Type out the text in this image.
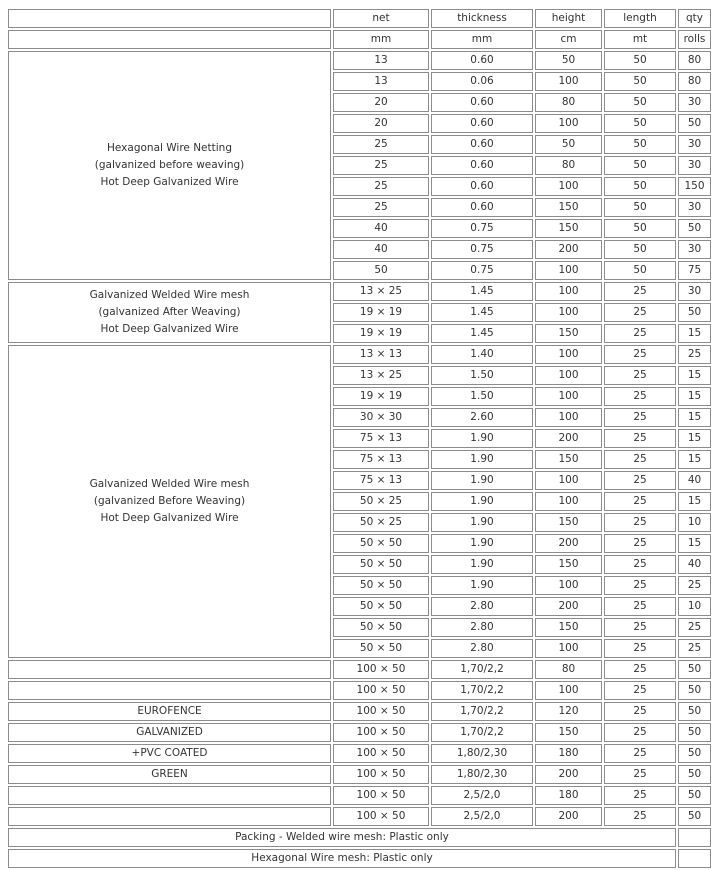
	net	thickness	height	length	qty
	mm	mm	cm	mt	rolls

Hexagonal Wire Netting
(galvanized before weaving)
Hot Deep Galvanized Wire	13	0.60	50	50	80
	13	0.06	100	50	80
	20	0.60	80	50	30
	20	0.60	100	50	50
	25	0.60	50	50	30
	25	0.60	80	50	30
	25	0.60	100	50	150
	25	0.60	150	50	30
	40	0.75	150	50	50
	40	0.75	200	50	30
	50	0.75	100	50	75

Galvanized Welded Wire mesh
(galvanized After Weaving)
Hot Deep Galvanized Wire	13 × 25	1.45	100	25	30
	19 × 19	1.45	100	25	50
	19 × 19	1.45	150	25	15

Galvanized Welded Wire mesh
(galvanized Before Weaving)
Hot Deep Galvanized Wire	13 × 13	1.40	100	25	25
	13 × 25	1.50	100	25	15
	19 × 19	1.50	100	25	15
	30 × 30	2.60	100	25	15
	75 × 13	1.90	200	25	15
	75 × 13	1.90	150	25	15
	75 × 13	1.90	100	25	40
	50 × 25	1.90	100	25	15
	50 × 25	1.90	150	25	10
	50 × 50	1.90	200	25	15
	50 × 50	1.90	150	25	40
	50 × 50	1.90	100	25	25
	50 × 50	2.80	200	25	10
	50 × 50	2.80	150	25	25
	50 × 50	2.80	100	25	25
	100 × 50	1,70/2,2	80	25	50
	100 × 50	1,70/2,2	100	25	50
EUROFENCE	100 × 50	1,70/2,2	120	25	50
GALVANIZED	100 × 50	1,70/2,2	150	25	50
+PVC COATED	100 × 50	1,80/2,30	180	25	50
GREEN	100 × 50	1,80/2,30	200	25	50
	100 × 50	2,5/2,0	180	25	50
	100 × 50	2,5/2,0	200	25	50
Packing - Welded wire mesh: Plastic only					
Hexagonal Wire mesh: Plastic only					
